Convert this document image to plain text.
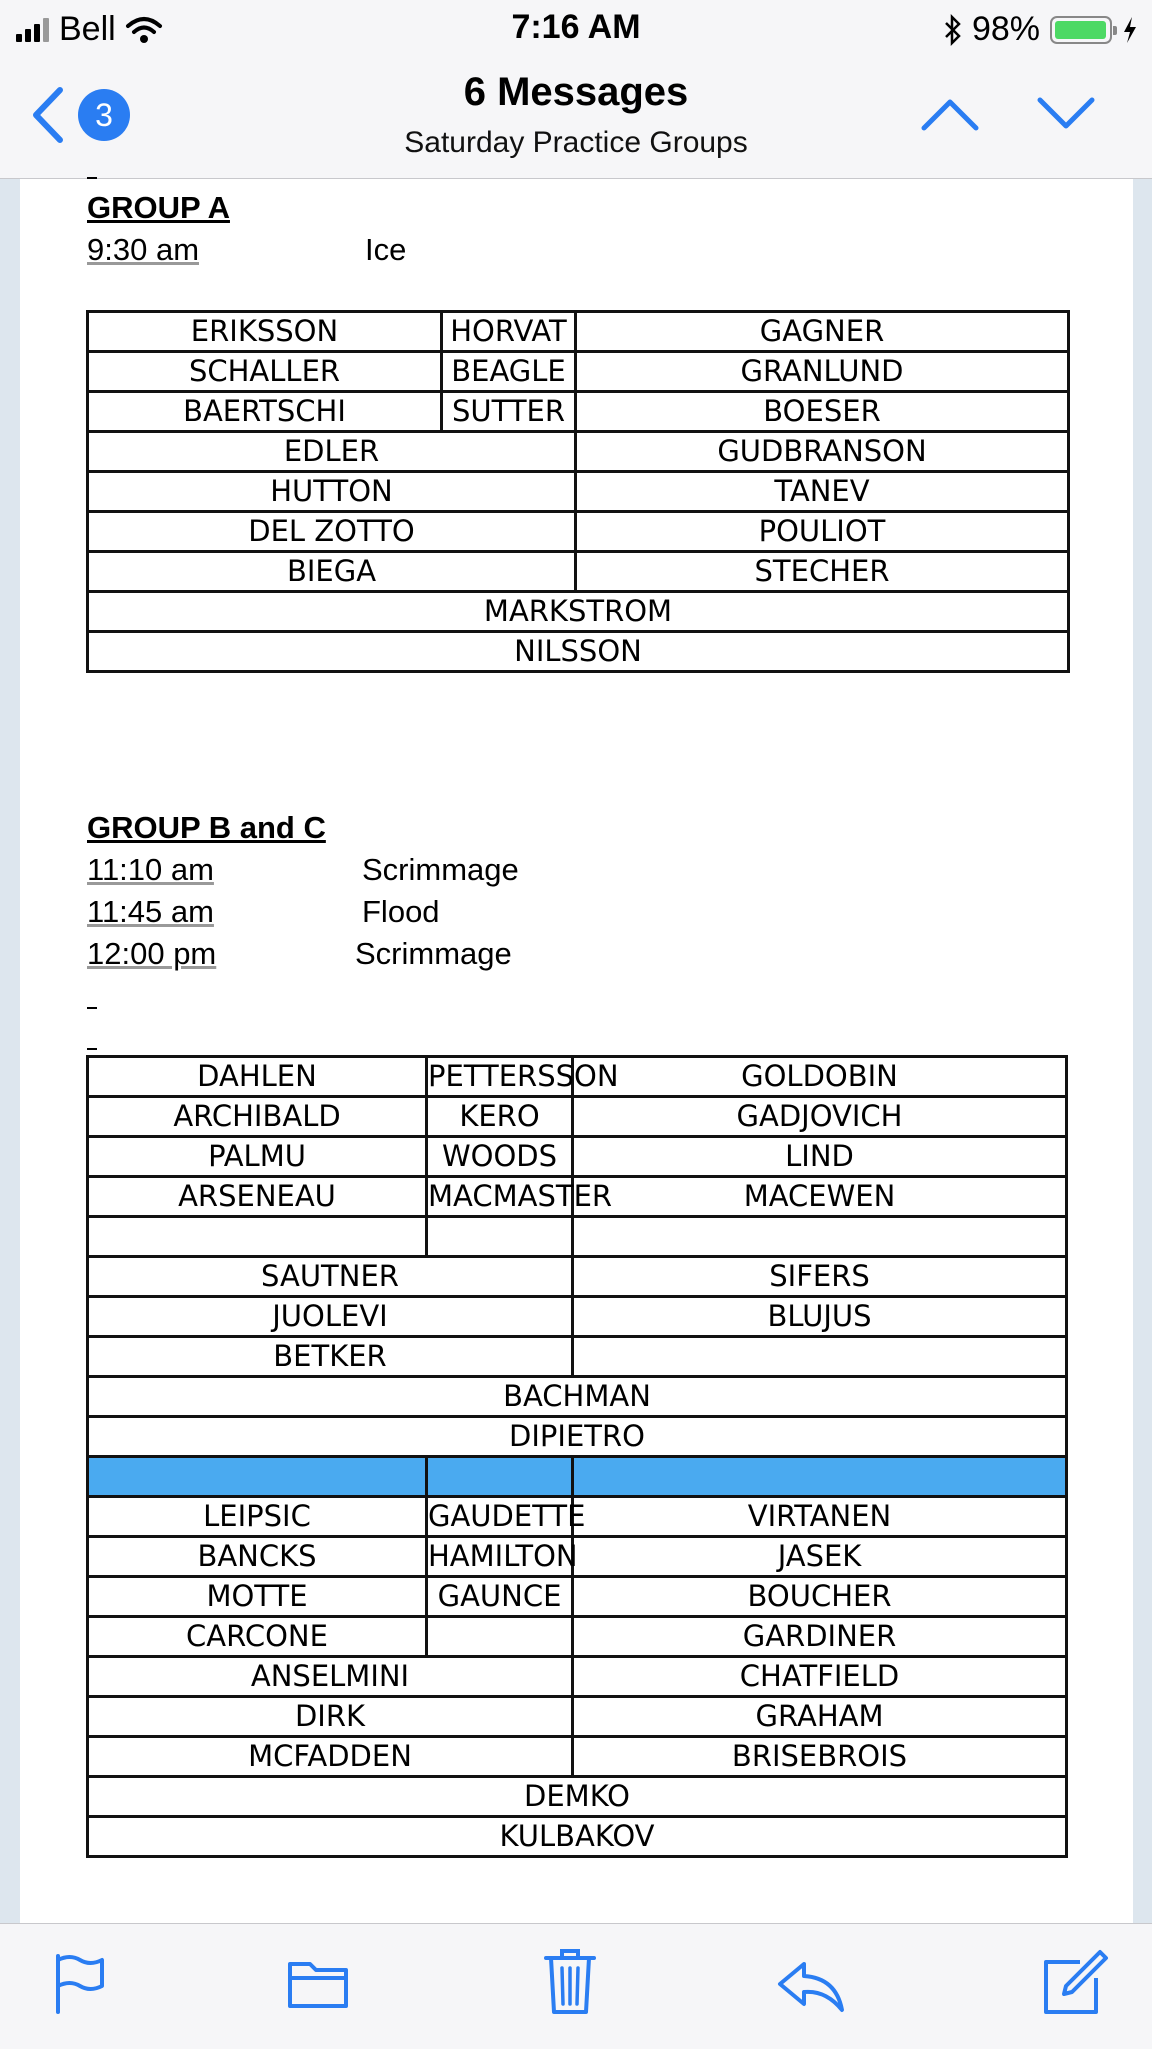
Bell	7:16 AM	98%
3
6 Messages
Saturday Practice Groups
GROUP A
9:30 am	Ice
ERIKSSON	HORVAT	GAGNER
SCHALLER	BEAGLE	GRANLUND
BAERTSCHI	SUTTER	BOESER
EDLER		GUDBRANSON
HUTTON		TANEV
DEL ZOTTO		POULIOT
BIEGA		STECHER
MARKSTROM		
NILSSON		
GROUP B and C
11:10 am	Scrimmage
11:45 am	Flood
12:00 pm	Scrimmage
DAHLEN	PETTERSSON	GOLDOBIN
ARCHIBALD	KERO	GADJOVICH
PALMU	WOODS	LIND
ARSENEAU	MACMASTER	MACEWEN

SAUTNER		SIFERS
JUOLEVI		BLUJUS
BETKER		
BACHMAN		
DIPIETRO		

LEIPSIC	GAUDETTE	VIRTANEN
BANCKS	HAMILTON	JASEK
MOTTE	GAUNCE	BOUCHER
CARCONE		GARDINER
ANSELMINI		CHATFIELD
DIRK		GRAHAM
MCFADDEN		BRISEBROIS
DEMKO		
KULBAKOV		
